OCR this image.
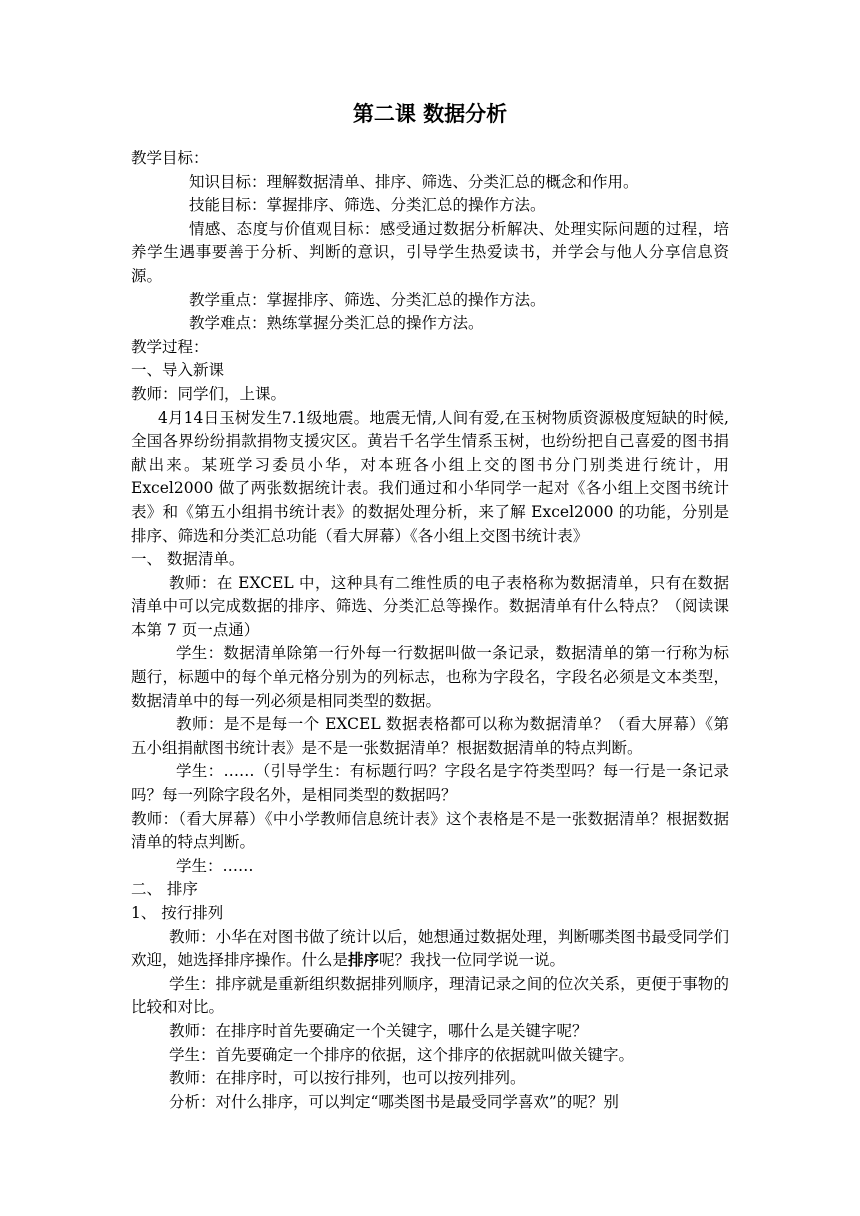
第二课 数据分析

教学目标：

知识目标：理解数据清单、排序、筛选、分类汇总的概念和作用。

技能目标：掌握排序、筛选、分类汇总的操作方法。

情感、态度与价值观目标：感受通过数据分析解决、处理实际问题的过程，培养学生遇事要善于分析、判断的意识，引导学生热爱读书，并学会与他人分享信息资源。

教学重点：掌握排序、筛选、分类汇总的操作方法。

教学难点：熟练掌握分类汇总的操作方法。

教学过程：

一、导入新课

教师：同学们，上课。

4月14日玉树发生7.1级地震。地震无情,人间有爱,在玉树物质资源极度短缺的时候,全国各界纷纷捐款捐物支援灾区。黄岩千名学生情系玉树，也纷纷把自己喜爱的图书捐献出来。某班学习委员小华，对本班各小组上交的图书分门别类进行统计，用 Excel2000 做了两张数据统计表。我们通过和小华同学一起对《各小组上交图书统计表》和《第五小组捐书统计表》的数据处理分析，来了解 Excel2000 的功能，分别是排序、筛选和分类汇总功能（看大屏幕）《各小组上交图书统计表》

一、 数据清单。

教师：在 EXCEL 中，这种具有二维性质的电子表格称为数据清单，只有在数据清单中可以完成数据的排序、筛选、分类汇总等操作。数据清单有什么特点？（阅读课本第 7 页一点通）

学生：数据清单除第一行外每一行数据叫做一条记录，数据清单的第一行称为标题行，标题中的每个单元格分别为的列标志，也称为字段名，字段名必须是文本类型，数据清单中的每一列必须是相同类型的数据。

教师：是不是每一个 EXCEL 数据表格都可以称为数据清单？（看大屏幕）《第五小组捐献图书统计表》是不是一张数据清单？根据数据清单的特点判断。

学生：……（引导学生：有标题行吗？字段名是字符类型吗？每一行是一条记录吗？每一列除字段名外，是相同类型的数据吗？

教师：（看大屏幕）《中小学教师信息统计表》这个表格是不是一张数据清单？根据数据清单的特点判断。

学生：……

二、 排序

1、 按行排列

教师：小华在对图书做了统计以后，她想通过数据处理，判断哪类图书最受同学们欢迎，她选择排序操作。什么是排序呢？我找一位同学说一说。

学生：排序就是重新组织数据排列顺序，理清记录之间的位次关系，更便于事物的比较和对比。

教师：在排序时首先要确定一个关键字，哪什么是关键字呢？

学生：首先要确定一个排序的依据，这个排序的依据就叫做关键字。

教师：在排序时，可以按行排列，也可以按列排列。

分析：对什么排序，可以判定“哪类图书是最受同学喜欢”的呢？别
